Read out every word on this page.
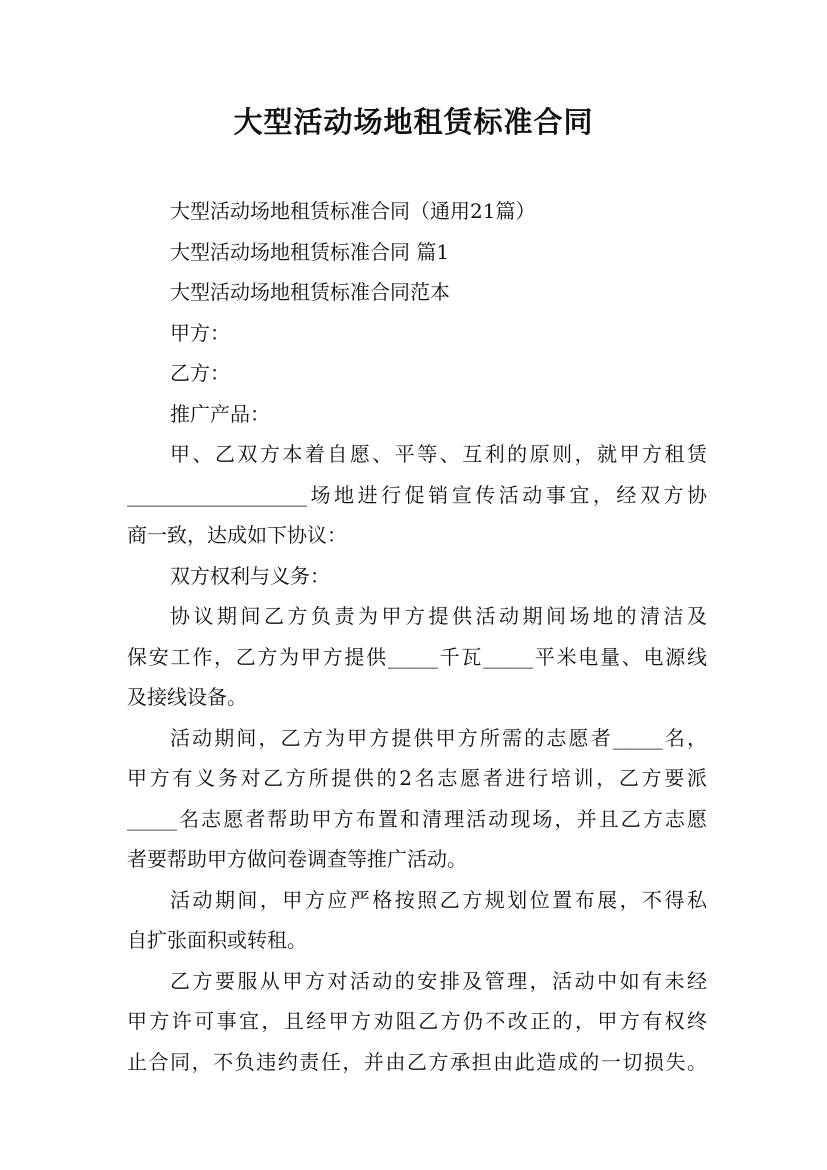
大型活动场地租赁标准合同

大型活动场地租赁标准合同（通用21篇）

大型活动场地租赁标准合同 篇1

大型活动场地租赁标准合同范本

甲方：

乙方：

推广产品：

甲、乙双方本着自愿、平等、互利的原则，就甲方租赁

__________________场地进行促销宣传活动事宜，经双方协

商一致，达成如下协议：

双方权利与义务：

协议期间乙方负责为甲方提供活动期间场地的清洁及

保安工作，乙方为甲方提供_____千瓦_____平米电量、电源线

及接线设备。

活动期间，乙方为甲方提供甲方所需的志愿者_____名，

甲方有义务对乙方所提供的2名志愿者进行培训，乙方要派

_____名志愿者帮助甲方布置和清理活动现场，并且乙方志愿

者要帮助甲方做问卷调查等推广活动。

活动期间，甲方应严格按照乙方规划位置布展，不得私

自扩张面积或转租。

乙方要服从甲方对活动的安排及管理，活动中如有未经

甲方许可事宜，且经甲方劝阻乙方仍不改正的，甲方有权终

止合同，不负违约责任，并由乙方承担由此造成的一切损失。
